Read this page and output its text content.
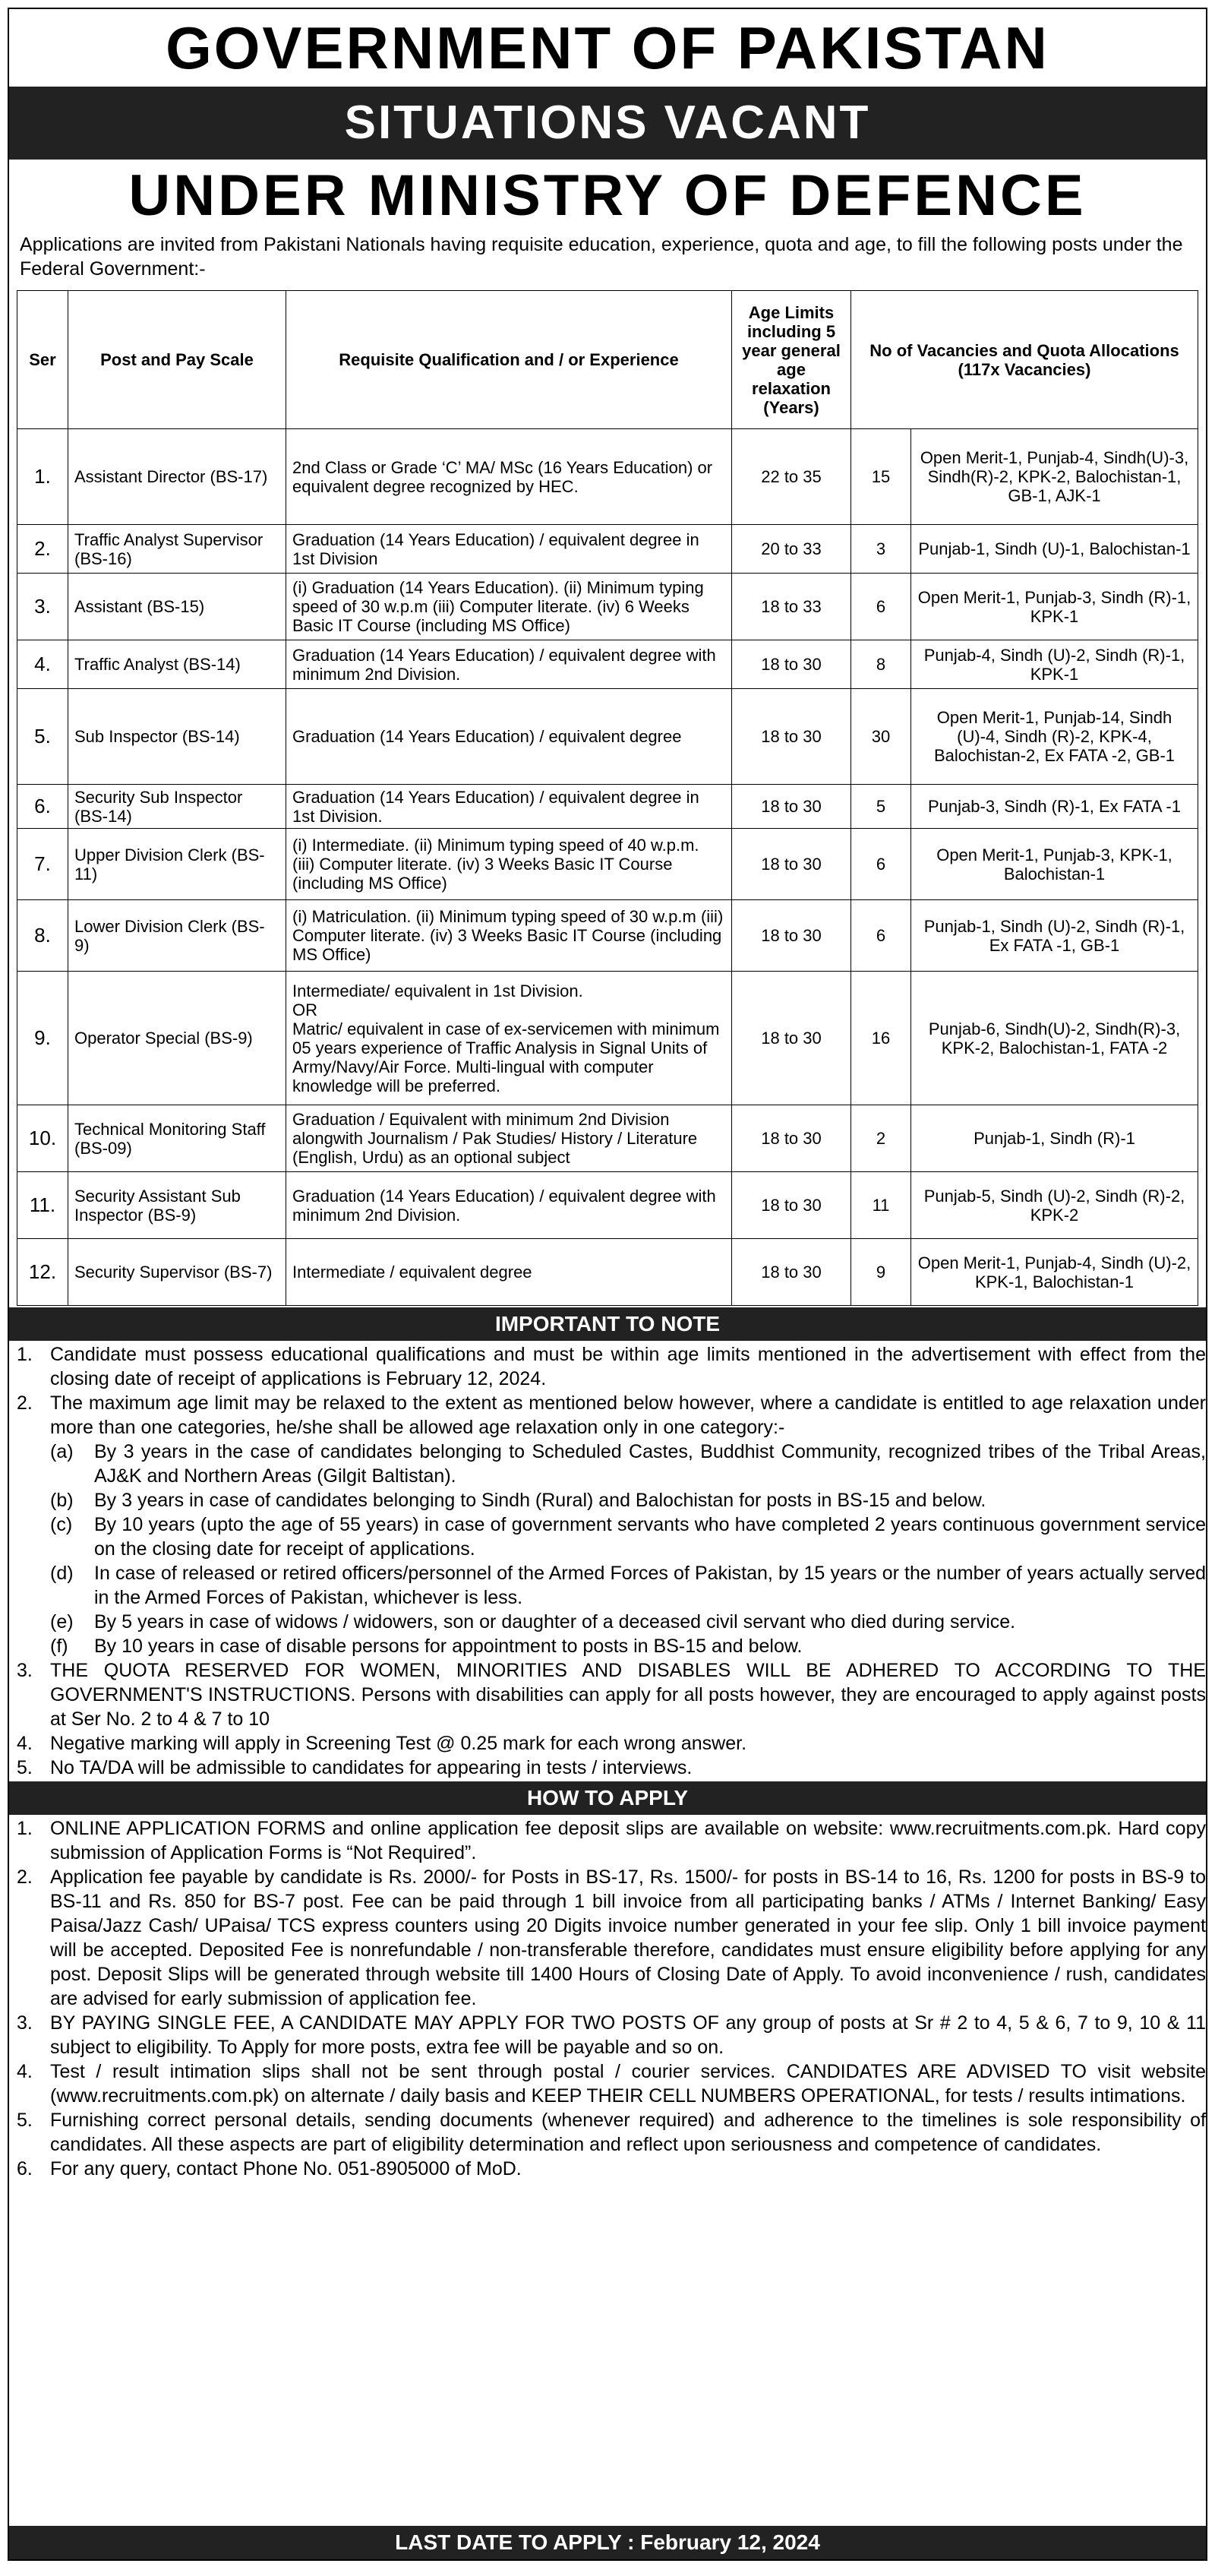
GOVERNMENT OF PAKISTAN
SITUATIONS VACANT
UNDER MINISTRY OF DEFENCE
Applications are invited from Pakistani Nationals having requisite education, experience, quota and age, to fill the following posts under the Federal Government:-
Ser	Post and Pay Scale	Requisite Qualification and / or Experience	Age Limits including 5 year general age relaxation (Years)	No of Vacancies and Quota Allocations (117x Vacancies)	
1.	Assistant Director (BS-17)	2nd Class or Grade ‘C’ MA/ MSc (16 Years Education) or equivalent degree recognized by HEC.	22 to 35	15	Open Merit-1, Punjab-4, Sindh(U)-3, Sindh(R)-2, KPK-2, Balochistan-1, GB-1, AJK-1
2.	Traffic Analyst Supervisor (BS-16)	Graduation (14 Years Education) / equivalent degree in 1st Division	20 to 33	3	Punjab-1, Sindh (U)-1, Balochistan-1
3.	Assistant (BS-15)	(i) Graduation (14 Years Education). (ii) Minimum typing speed of 30 w.p.m (iii) Computer literate. (iv) 6 Weeks Basic IT Course (including MS Office)	18 to 33	6	Open Merit-1, Punjab-3, Sindh (R)-1, KPK-1
4.	Traffic Analyst (BS-14)	Graduation (14 Years Education) / equivalent degree with minimum 2nd Division.	18 to 30	8	Punjab-4, Sindh (U)-2, Sindh (R)-1, KPK-1
5.	Sub Inspector (BS-14)	Graduation (14 Years Education) / equivalent degree	18 to 30	30	Open Merit-1, Punjab-14, Sindh (U)-4, Sindh (R)-2, KPK-4, Balochistan-2, Ex FATA -2, GB-1
6.	Security Sub Inspector (BS-14)	Graduation (14 Years Education) / equivalent degree in 1st Division.	18 to 30	5	Punjab-3, Sindh (R)-1, Ex FATA -1
7.	Upper Division Clerk (BS-11)	(i) Intermediate. (ii) Minimum typing speed of 40 w.p.m. (iii) Computer literate. (iv) 3 Weeks Basic IT Course (including MS Office)	18 to 30	6	Open Merit-1, Punjab-3, KPK-1, Balochistan-1
8.	Lower Division Clerk (BS-9)	(i) Matriculation. (ii) Minimum typing speed of 30 w.p.m (iii) Computer literate. (iv) 3 Weeks Basic IT Course (including MS Office)	18 to 30	6	Punjab-1, Sindh (U)-2, Sindh (R)-1, Ex FATA -1, GB-1
9.	Operator Special (BS-9)	Intermediate/ equivalent in 1st Division.
OR
Matric/ equivalent in case of ex-servicemen with minimum 05 years experience of Traffic Analysis in Signal Units of Army/Navy/Air Force. Multi-lingual with computer knowledge will be preferred.	18 to 30	16	Punjab-6, Sindh(U)-2, Sindh(R)-3, KPK-2, Balochistan-1, FATA -2
10.	Technical Monitoring Staff (BS-09)	Graduation / Equivalent with minimum 2nd Division alongwith Journalism / Pak Studies/ History / Literature (English, Urdu) as an optional subject	18 to 30	2	Punjab-1, Sindh (R)-1
11.	Security Assistant Sub Inspector (BS-9)	Graduation (14 Years Education) / equivalent degree with minimum 2nd Division.	18 to 30	11	Punjab-5, Sindh (U)-2, Sindh (R)-2, KPK-2
12.	Security Supervisor (BS-7)	Intermediate / equivalent degree	18 to 30	9	Open Merit-1, Punjab-4, Sindh (U)-2, KPK-1, Balochistan-1
IMPORTANT TO NOTE
1. Candidate must possess educational qualifications and must be within age limits mentioned in the advertisement with effect from the closing date of receipt of applications is February 12, 2024.
2. The maximum age limit may be relaxed to the extent as mentioned below however, where a candidate is entitled to age relaxation under more than one categories, he/she shall be allowed age relaxation only in one category:-
(a)	By 3 years in the case of candidates belonging to Scheduled Castes, Buddhist Community, recognized tribes of the Tribal Areas, AJ&K and Northern Areas (Gilgit Baltistan).
(b)	By 3 years in case of candidates belonging to Sindh (Rural) and Balochistan for posts in BS-15 and below.
(c)	By 10 years (upto the age of 55 years) in case of government servants who have completed 2 years continuous government service on the closing date for receipt of applications.
(d)	In case of released or retired officers/personnel of the Armed Forces of Pakistan, by 15 years or the number of years actually served in the Armed Forces of Pakistan, whichever is less.
(e)	By 5 years in case of widows / widowers, son or daughter of a deceased civil servant who died during service.
(f)	By 10 years in case of disable persons for appointment to posts in BS-15 and below.
3. THE QUOTA RESERVED FOR WOMEN, MINORITIES AND DISABLES WILL BE ADHERED TO ACCORDING TO THE GOVERNMENT'S INSTRUCTIONS. Persons with disabilities can apply for all posts however, they are encouraged to apply against posts at Ser No. 2 to 4 & 7 to 10
4. Negative marking will apply in Screening Test @ 0.25 mark for each wrong answer.
5. No TA/DA will be admissible to candidates for appearing in tests / interviews.
HOW TO APPLY
1. ONLINE APPLICATION FORMS and online application fee deposit slips are available on website: www.recruitments.com.pk. Hard copy submission of Application Forms is “Not Required”.
2. Application fee payable by candidate is Rs. 2000/- for Posts in BS-17, Rs. 1500/- for posts in BS-14 to 16, Rs. 1200 for posts in BS-9 to BS-11 and Rs. 850 for BS-7 post. Fee can be paid through 1 bill invoice from all participating banks / ATMs / Internet Banking/ Easy Paisa/Jazz Cash/ UPaisa/ TCS express counters using 20 Digits invoice number generated in your fee slip. Only 1 bill invoice payment will be accepted. Deposited Fee is nonrefundable / non-transferable therefore, candidates must ensure eligibility before applying for any post. Deposit Slips will be generated through website till 1400 Hours of Closing Date of Apply. To avoid inconvenience / rush, candidates are advised for early submission of application fee.
3. BY PAYING SINGLE FEE, A CANDIDATE MAY APPLY FOR TWO POSTS OF any group of posts at Sr # 2 to 4, 5 & 6, 7 to 9, 10 & 11 subject to eligibility. To Apply for more posts, extra fee will be payable and so on.
4. Test / result intimation slips shall not be sent through postal / courier services. CANDIDATES ARE ADVISED TO visit website (www.recruitments.com.pk) on alternate / daily basis and KEEP THEIR CELL NUMBERS OPERATIONAL, for tests / results intimations.
5. Furnishing correct personal details, sending documents (whenever required) and adherence to the timelines is sole responsibility of candidates. All these aspects are part of eligibility determination and reflect upon seriousness and competence of candidates.
6. For any query, contact Phone No. 051-8905000 of MoD.
LAST DATE TO APPLY : February 12, 2024
